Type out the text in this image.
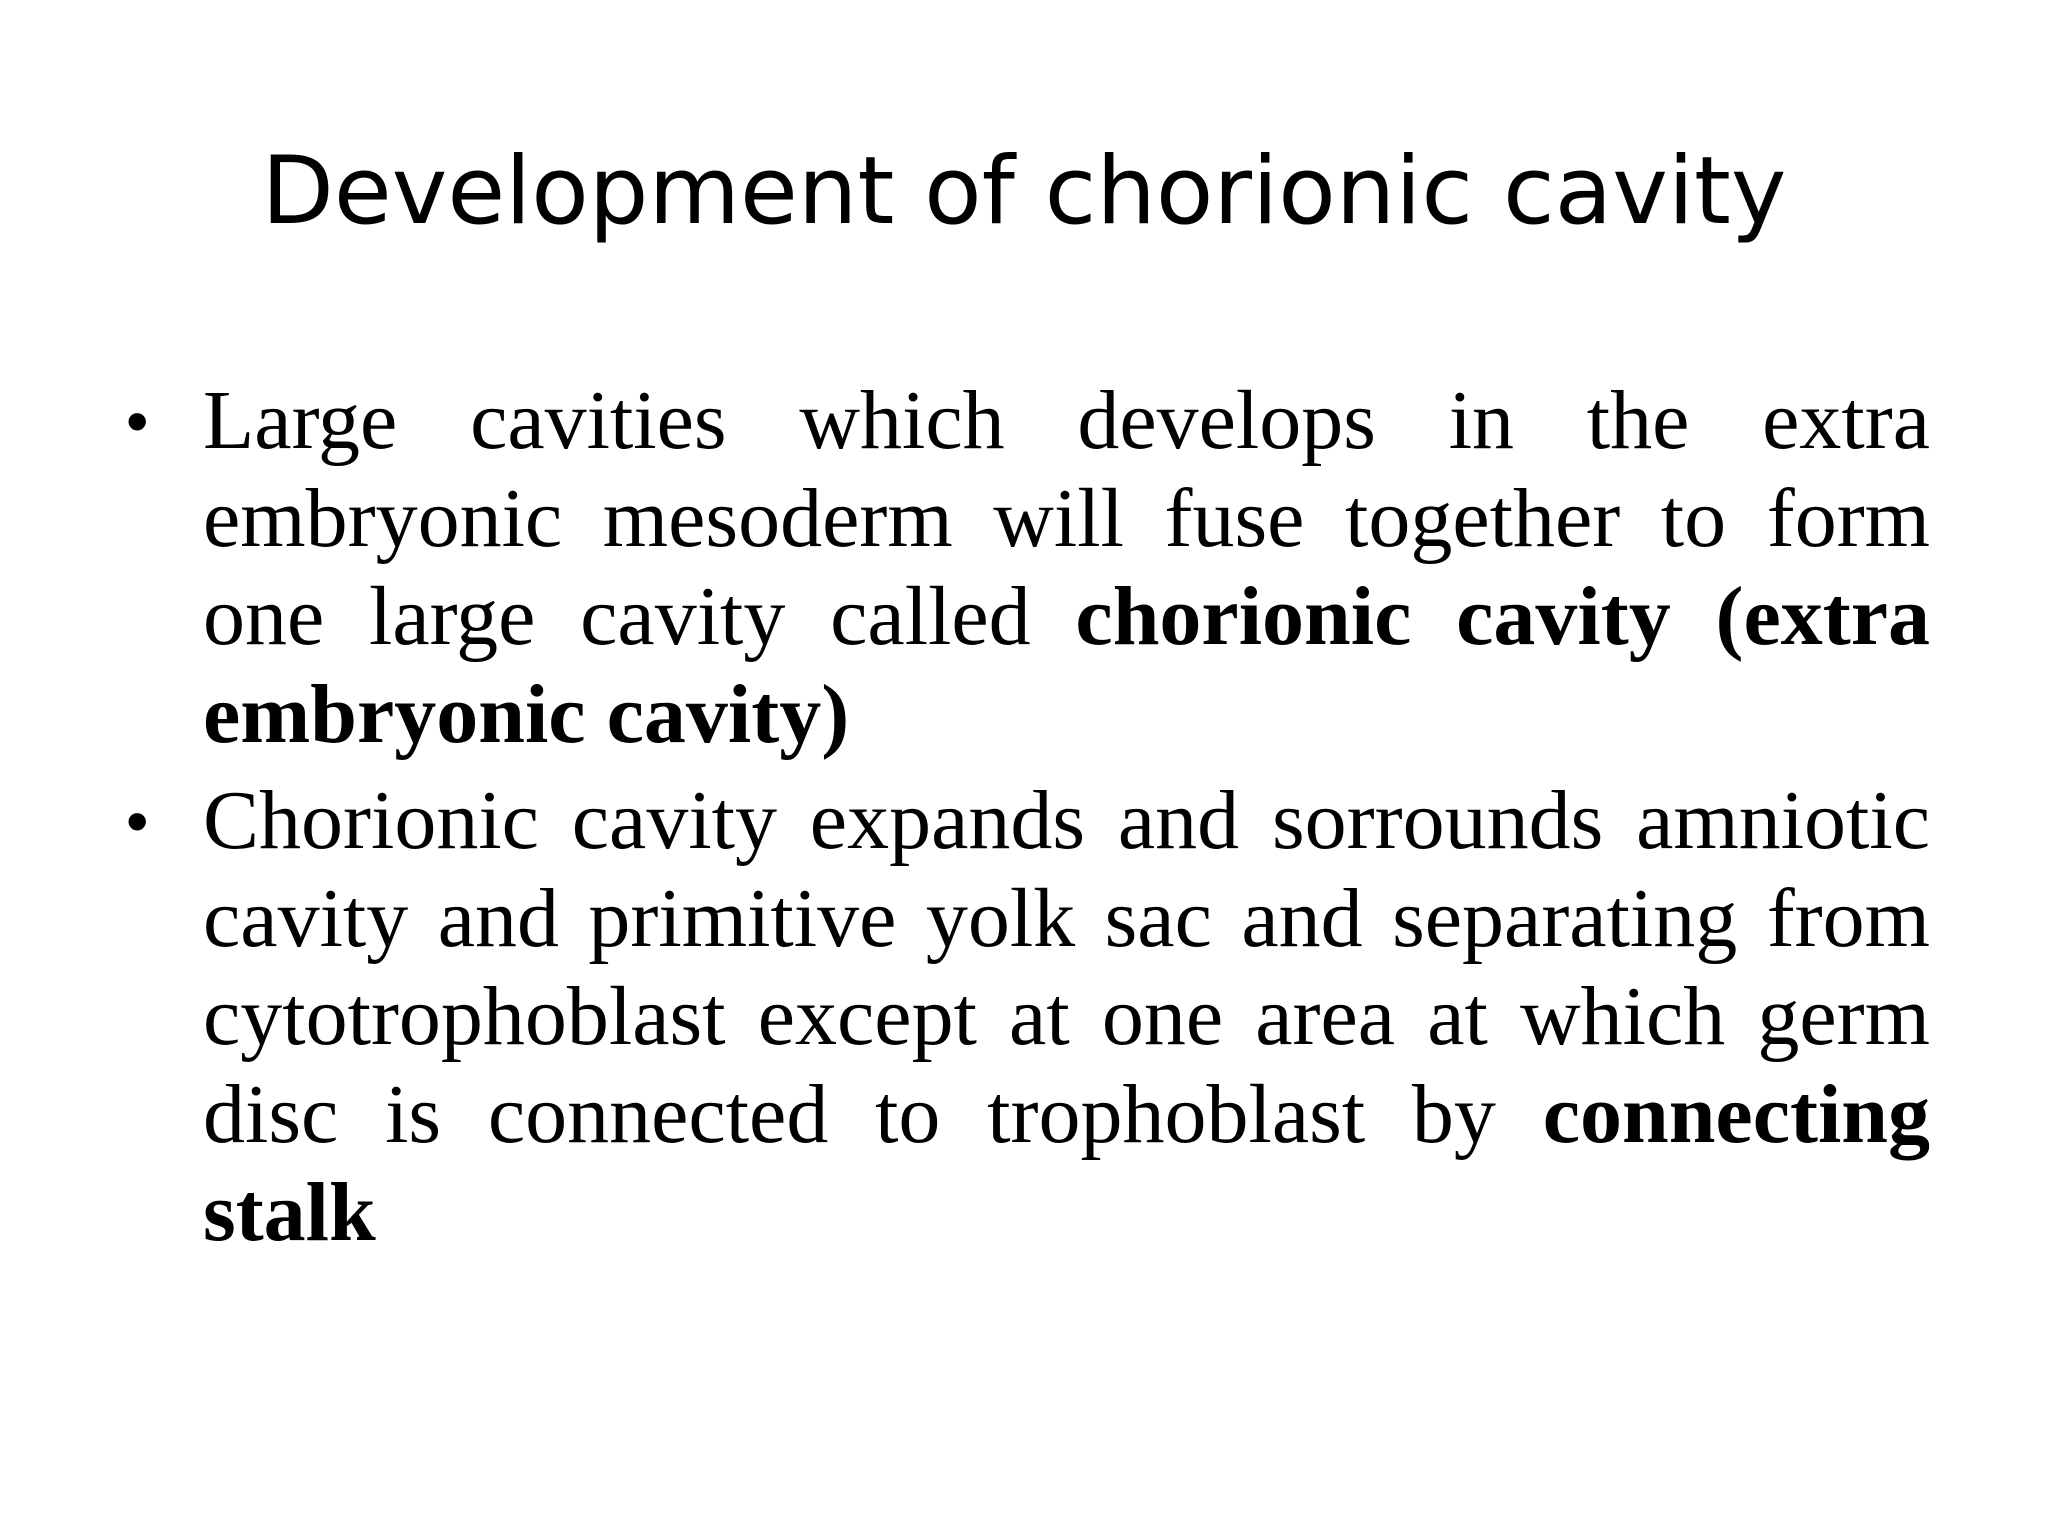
Development of chorionic cavity
• Large cavities which develops in the extra embryonic mesoderm will fuse together to form one large cavity called chorionic cavity (extra embryonic cavity)
• Chorionic cavity expands and sorrounds amniotic cavity and primitive yolk sac and separating from cytotrophoblast except at one area at which germ disc is connected to trophoblast by connecting stalk
